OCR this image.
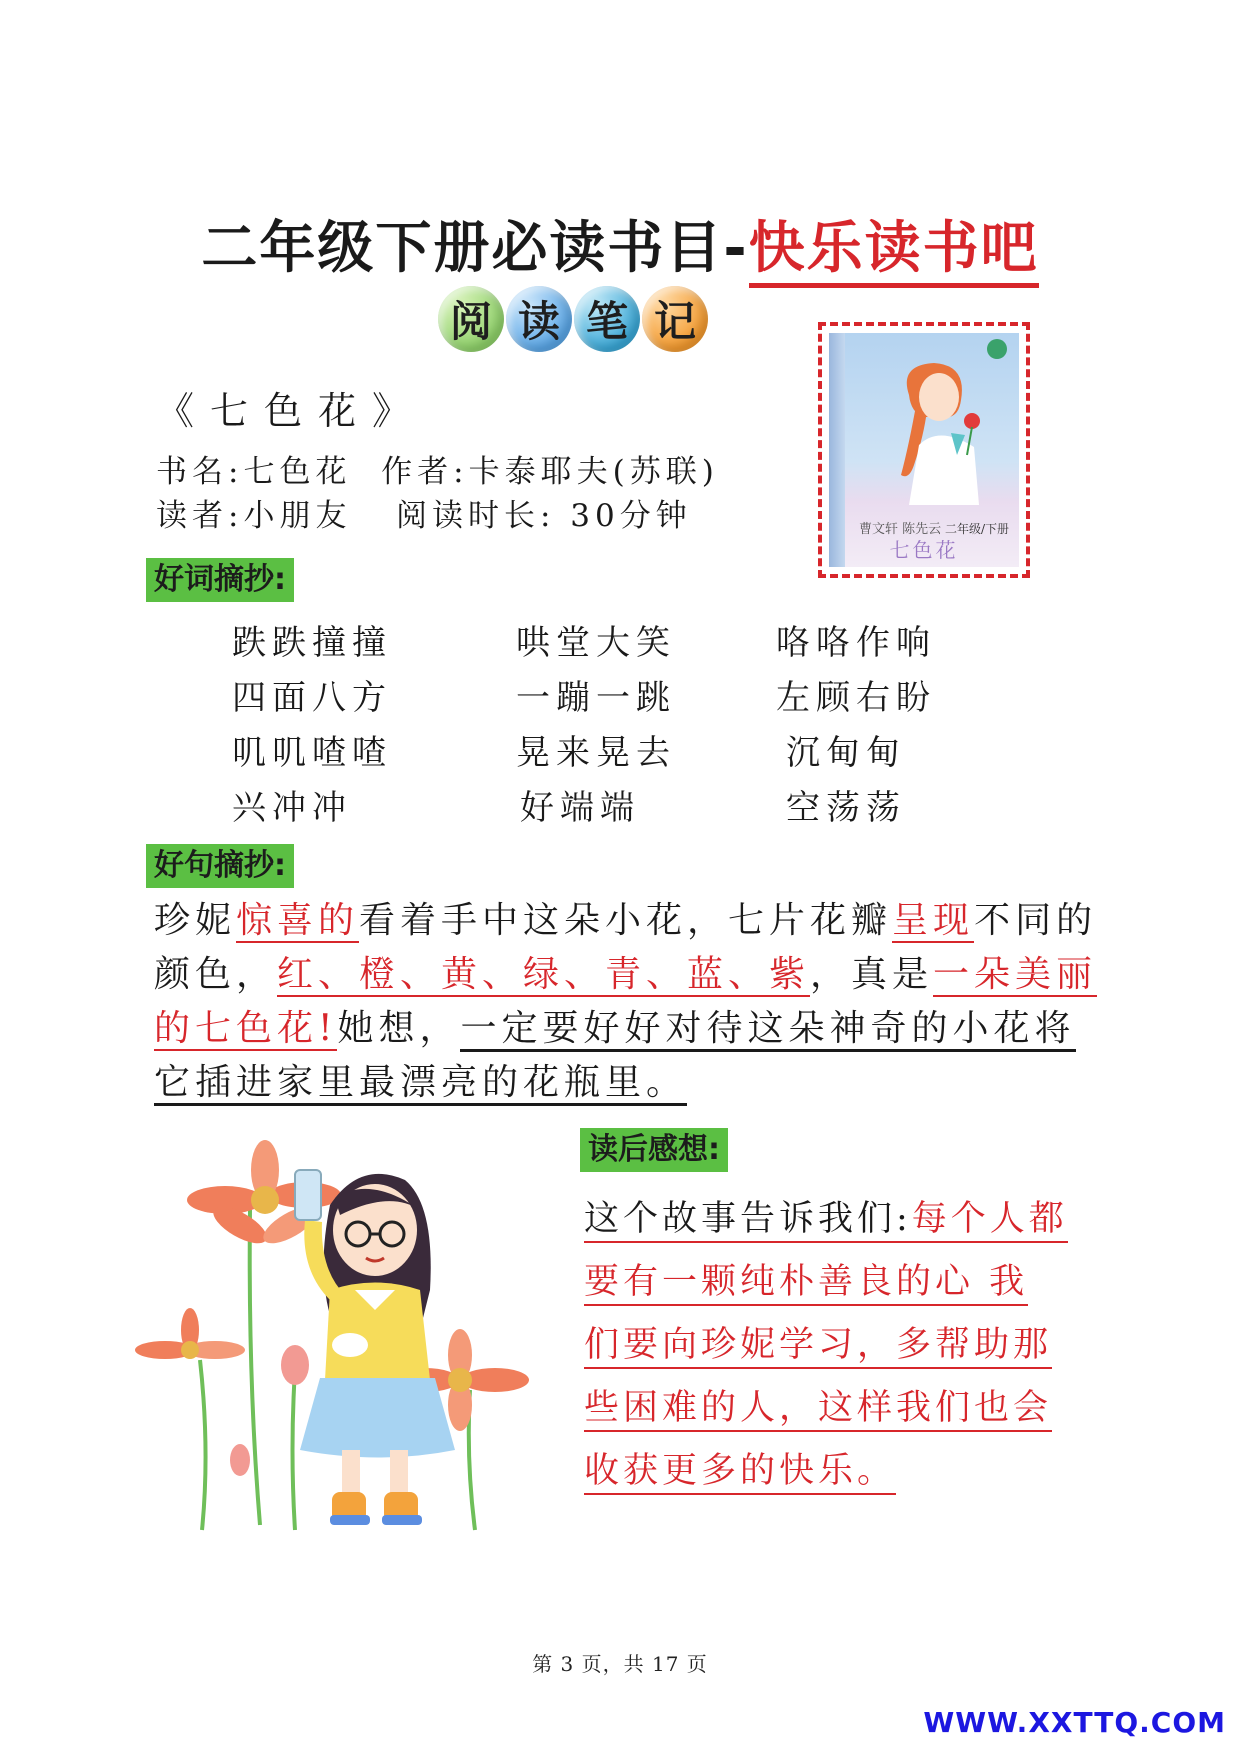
二年级下册必读书目-快乐读书吧
阅 读 笔 记
《七色花》
书名:七色花  作者:卡泰耶夫(苏联)
读者:小朋友   阅读时长: 30分钟	曹文轩 陈先云 二年级/下册
七色花
好词摘抄:
跌跌撞撞	哄堂大笑	咯咯作响
四面八方	一蹦一跳	左顾右盼
叽叽喳喳	晃来晃去	沉甸甸
兴冲冲	好端端	空荡荡
好句摘抄:
珍妮惊喜的看着手中这朵小花，七片花瓣呈现不同的颜色，红、橙、黄、绿、青、蓝、紫，真是一朵美丽的七色花!她想，一定要好好对待这朵神奇的小花将它插进家里最漂亮的花瓶里。
读后感想:
这个故事告诉我们:每个人都
要有一颗纯朴善良的心 我
们要向珍妮学习，多帮助那
些困难的人，这样我们也会
收获更多的快乐。
第 3 页，共 17 页
WWW.XXTTQ.COM
